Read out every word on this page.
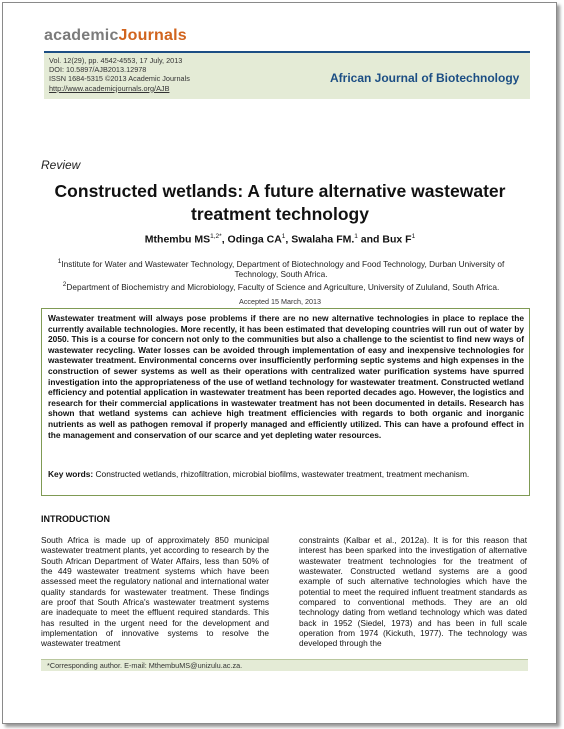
academicJournals
Vol. 12(29), pp. 4542-4553, 17 July, 2013
DOI: 10.5897/AJB2013.12978
ISSN 1684-5315 ©2013 Academic Journals
http://www.academicjournals.org/AJB
African Journal of Biotechnology
Review
Constructed wetlands: A future alternative wastewater treatment technology
Mthembu $MS^{1,2*}$, Odinga $CA^1$, Swalaha FM.$^1$ and Bux $F^1$
$^1$Institute for Water and Wastewater Technology, Department of Biotechnology and Food Technology, Durban University of Technology, South Africa.
$^2$Department of Biochemistry and Microbiology, Faculty of Science and Agriculture, University of Zululand, South Africa.
Accepted 15 March, 2013
Wastewater treatment will always pose problems if there are no new alternative technologies in place to replace the currently available technologies. More recently, it has been estimated that developing countries will run out of water by 2050. This is a course for concern not only to the communities but also a challenge to the scientist to find new ways of wastewater recycling. Water losses can be avoided through implementation of easy and inexpensive technologies for wastewater treatment. Environmental concerns over insufficiently performing septic systems and high expenses in the construction of sewer systems as well as their operations with centralized water purification systems have spurred investigation into the appropriateness of the use of wetland technology for wastewater treatment. Constructed wetland efficiency and potential application in wastewater treatment has been reported decades ago. However, the logistics and research for their commercial applications in wastewater treatment has not been documented in details. Research has shown that wetland systems can achieve high treatment efficiencies with regards to both organic and inorganic nutrients as well as pathogen removal if properly managed and efficiently utilized. This can have a profound effect in the management and conservation of our scarce and yet depleting water resources.
Key words: Constructed wetlands, rhizofiltration, microbial biofilms, wastewater treatment, treatment mechanism.
INTRODUCTION
South Africa is made up of approximately 850 municipal wastewater treatment plants, yet according to research by the South African Department of Water Affairs, less than 50% of the 449 wastewater treatment systems which have been assessed meet the regulatory national and international water quality standards for wastewater treatment. These findings are proof that South Africa's wastewater treatment systems are inadequate to meet the effluent required standards. This has resulted in the urgent need for the development and implementation of innovative systems to resolve the wastewater treatment
constraints (Kalbar et al., 2012a). It is for this reason that interest has been sparked into the investigation of alternative wastewater treatment technologies for the treatment of wastewater. Constructed wetland systems are a good example of such alternative technologies which have the potential to meet the required influent treatment standards as compared to conventional methods. They are an old technology dating from wetland technology which was dated back in 1952 (Siedel, 1973) and has been in full scale operation from 1974 (Kickuth, 1977). The technology was developed through the
*Corresponding author. E-mail: MthembuMS@unizulu.ac.za.
